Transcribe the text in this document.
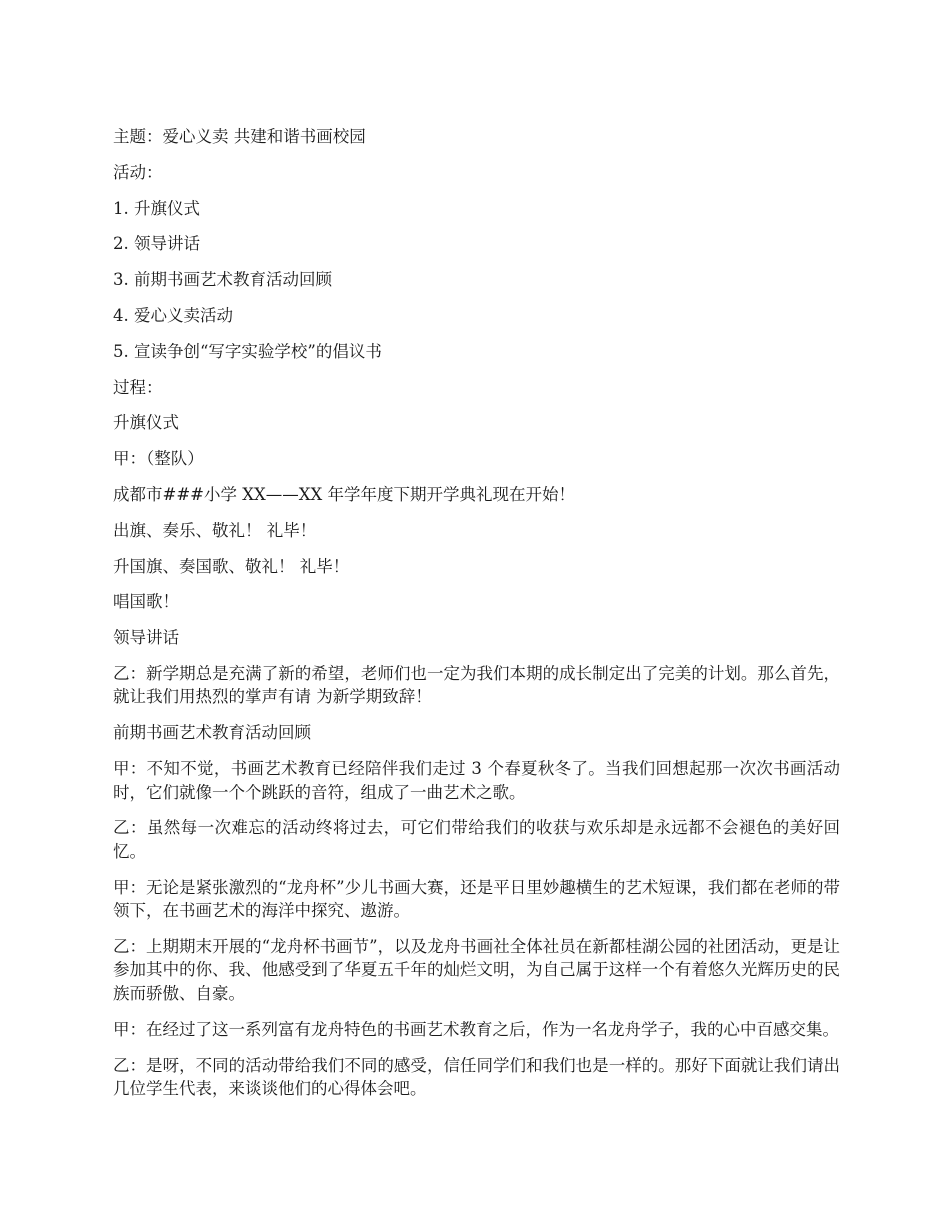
主题：爱心义卖 共建和谐书画校园

活动：

1. 升旗仪式

2. 领导讲话

3. 前期书画艺术教育活动回顾

4. 爱心义卖活动

5. 宣读争创“写字实验学校”的倡议书

过程：

升旗仪式

甲：（整队）

成都市###小学 XX——XX 年学年度下期开学典礼现在开始！

出旗、奏乐、敬礼！ 礼毕！

升国旗、奏国歌、敬礼！ 礼毕！

唱国歌！

领导讲话

乙：新学期总是充满了新的希望，老师们也一定为我们本期的成长制定出了完美的计划。那么首先，就让我们用热烈的掌声有请 为新学期致辞！

前期书画艺术教育活动回顾

甲：不知不觉，书画艺术教育已经陪伴我们走过 3 个春夏秋冬了。当我们回想起那一次次书画活动时，它们就像一个个跳跃的音符，组成了一曲艺术之歌。

乙：虽然每一次难忘的活动终将过去，可它们带给我们的收获与欢乐却是永远都不会褪色的美好回忆。

甲：无论是紧张激烈的“龙舟杯”少儿书画大赛，还是平日里妙趣横生的艺术短课，我们都在老师的带领下，在书画艺术的海洋中探究、遨游。

乙：上期期末开展的“龙舟杯书画节”，以及龙舟书画社全体社员在新都桂湖公园的社团活动，更是让参加其中的你、我、他感受到了华夏五千年的灿烂文明，为自己属于这样一个有着悠久光辉历史的民族而骄傲、自豪。

甲：在经过了这一系列富有龙舟特色的书画艺术教育之后，作为一名龙舟学子，我的心中百感交集。

乙：是呀，不同的活动带给我们不同的感受，信任同学们和我们也是一样的。那好下面就让我们请出几位学生代表，来谈谈他们的心得体会吧。
